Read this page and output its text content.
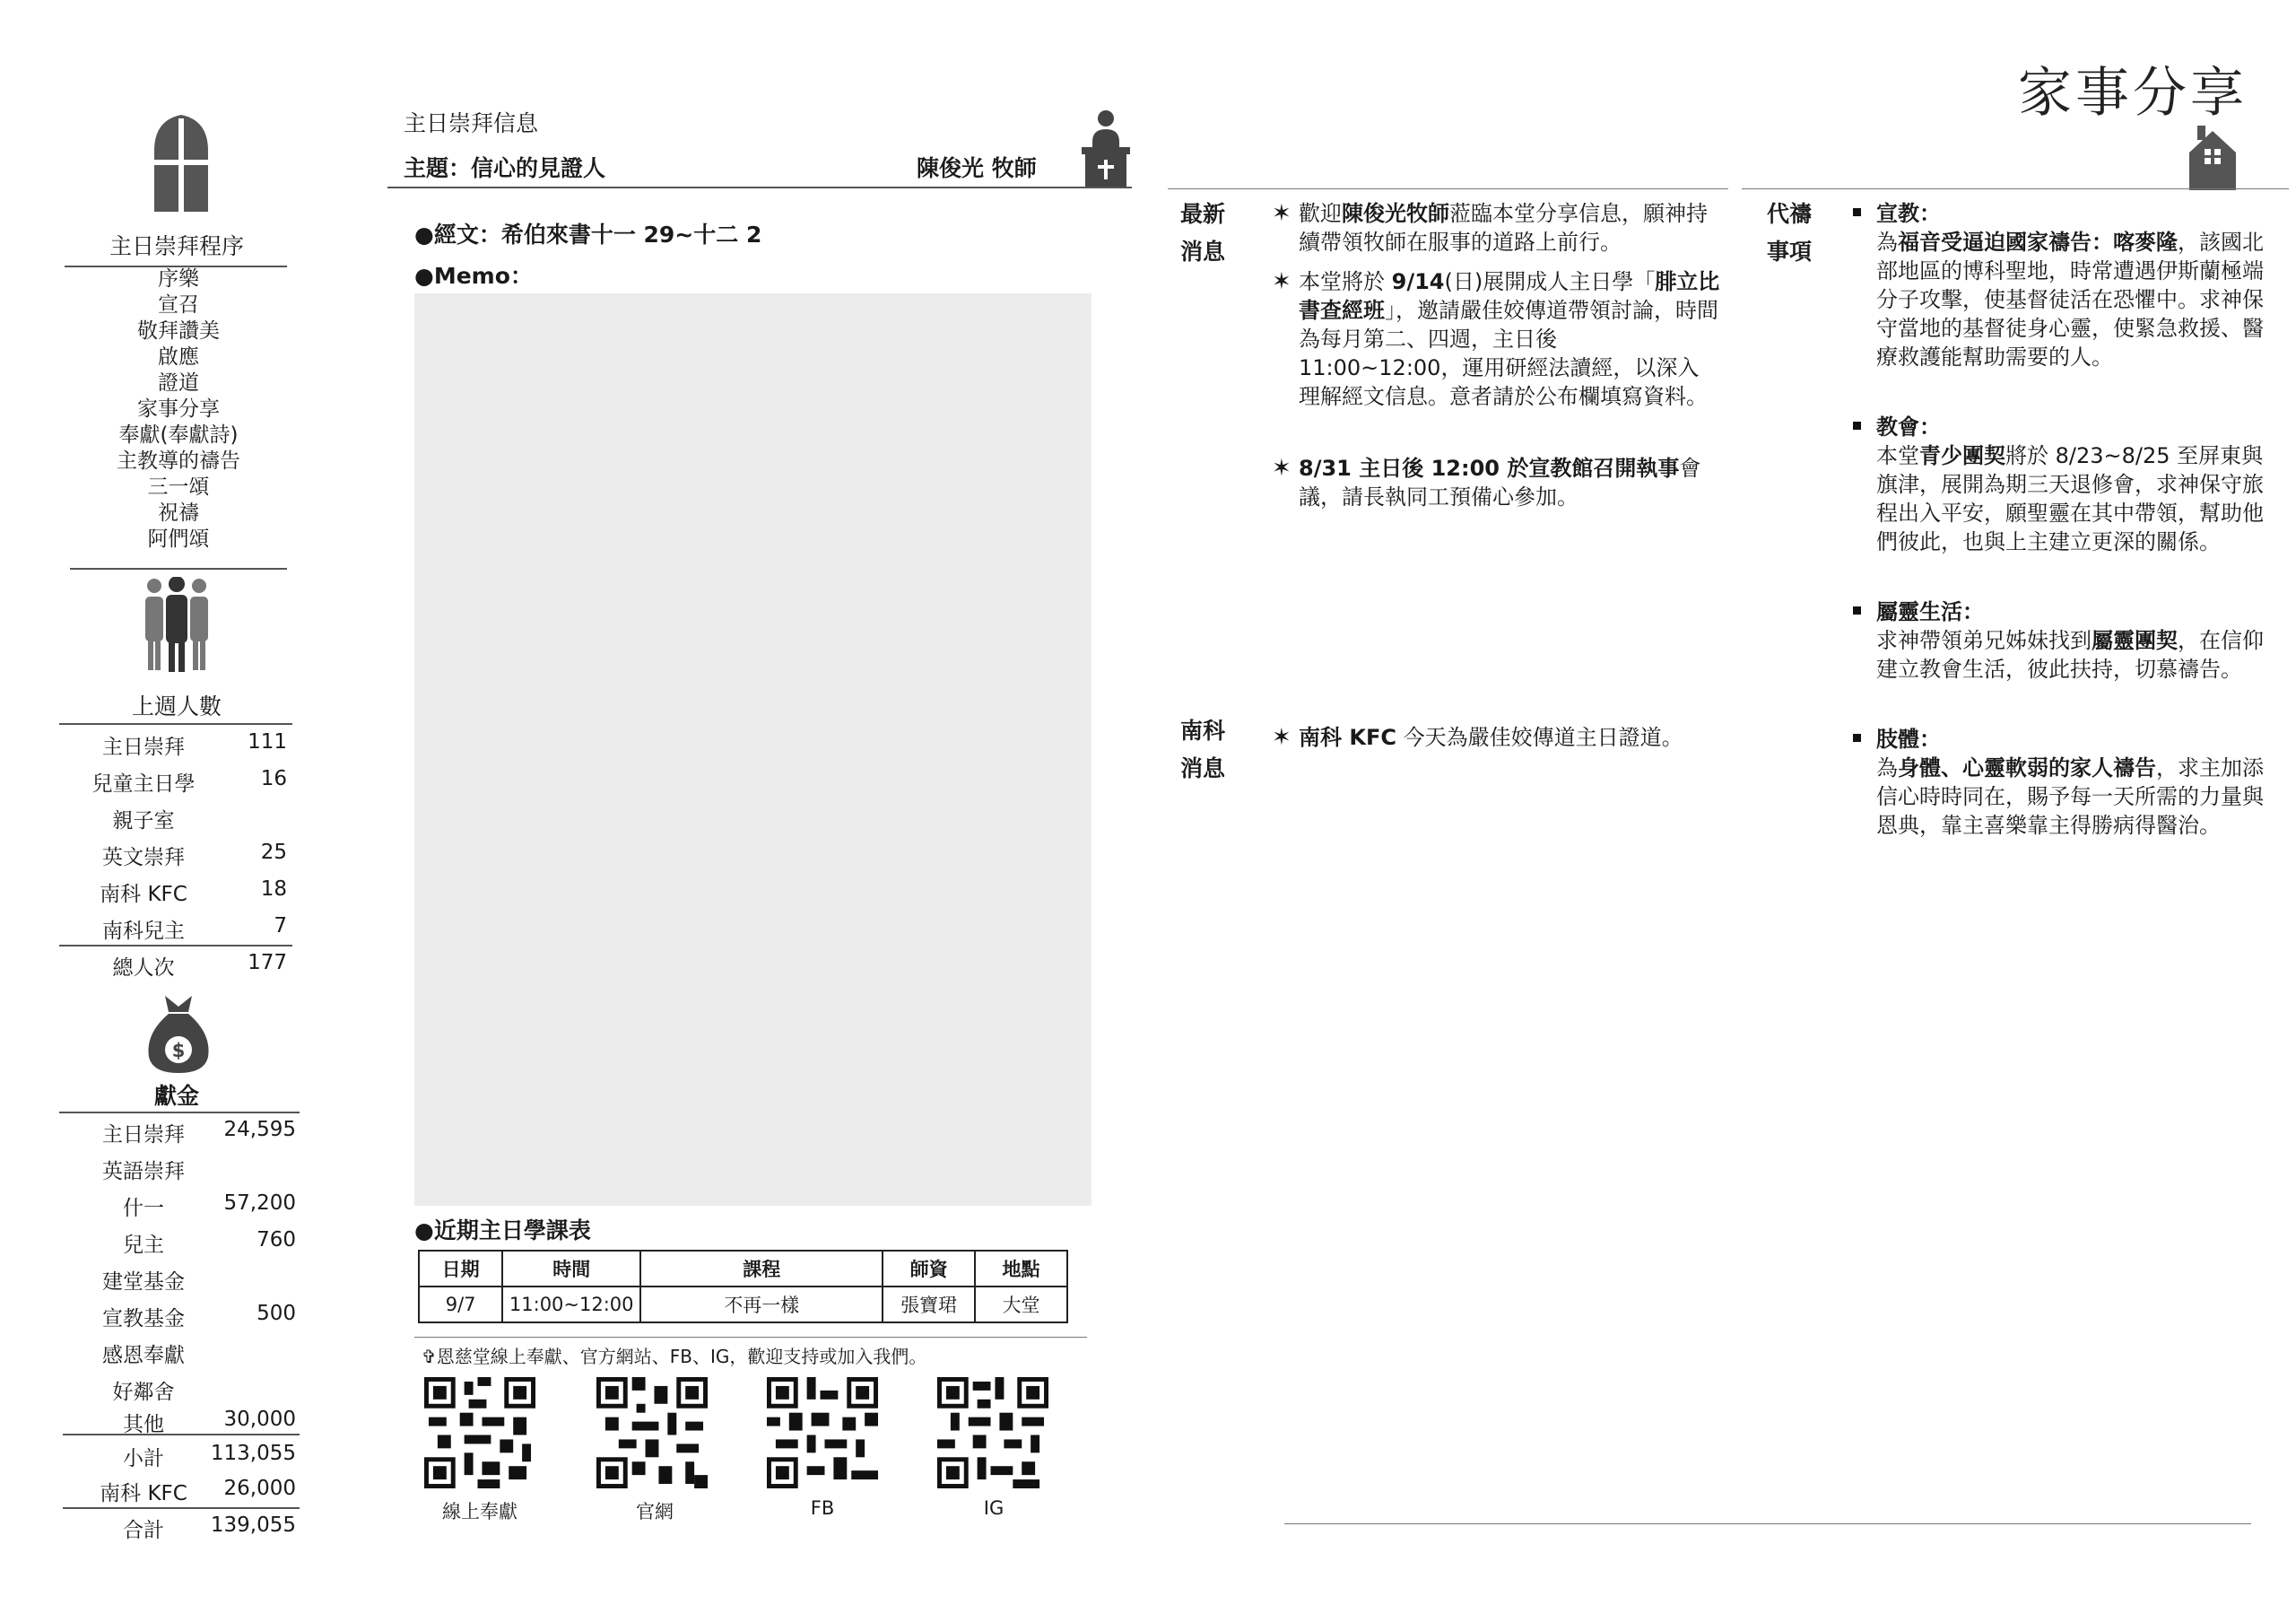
主日崇拜程序
序樂
宣召
敬拜讚美
啟應
證道
家事分享
奉獻(奉獻詩)
主教導的禱告
三一頌
祝禱
阿們頌
上週人數
主日崇拜	111
兒童主日學	16
親子室
英文崇拜	25
南科 KFC	18
南科兒主	7
總人次	177
$
獻金
主日崇拜	24,595
英語崇拜
什一	57,200
兒主	760
建堂基金
宣教基金	500
感恩奉獻
好鄰舍
其他	30,000
小計	113,055
南科 KFC	26,000
合計	139,055
主日崇拜信息
主題：信心的見證人	陳俊光 牧師
●經文：希伯來書十一 29~十二 2
●Memo：
●近期主日學課表
日期	時間	課程	師資	地點
9/7	11:00~12:00	不再一樣	張寶珺	大堂
✞恩慈堂線上奉獻、官方網站、FB、IG，歡迎支持或加入我們。
線上奉獻	官網	FB	IG
家事分享
最新
消息
✶ 歡迎陳俊光牧師蒞臨本堂分享信息，願神持續帶領牧師在服事的道路上前行。
✶ 本堂將於 9/14(日)展開成人主日學「腓立比書查經班」，邀請嚴佳姣傳道帶領討論，時間為每月第二、四週，主日後 11:00~12:00，運用研經法讀經，以深入理解經文信息。意者請於公布欄填寫資料。
✶ 8/31 主日後 12:00 於宣教館召開執事會議，請長執同工預備心參加。
南科
消息
✶ 南科 KFC 今天為嚴佳姣傳道主日證道。
代禱
事項
宣教：
為福音受逼迫國家禱告：喀麥隆，該國北部地區的博科聖地，時常遭遇伊斯蘭極端分子攻擊，使基督徒活在恐懼中。求神保守當地的基督徒身心靈，使緊急救援、醫療救護能幫助需要的人。
教會：
本堂青少團契將於 8/23~8/25 至屏東與旗津，展開為期三天退修會，求神保守旅程出入平安，願聖靈在其中帶領，幫助他們彼此，也與上主建立更深的關係。
屬靈生活：
求神帶領弟兄姊妹找到屬靈團契，在信仰建立教會生活，彼此扶持，切慕禱告。
肢體：
為身體、心靈軟弱的家人禱告，求主加添信心時時同在，賜予每一天所需的力量與恩典，靠主喜樂靠主得勝病得醫治。
